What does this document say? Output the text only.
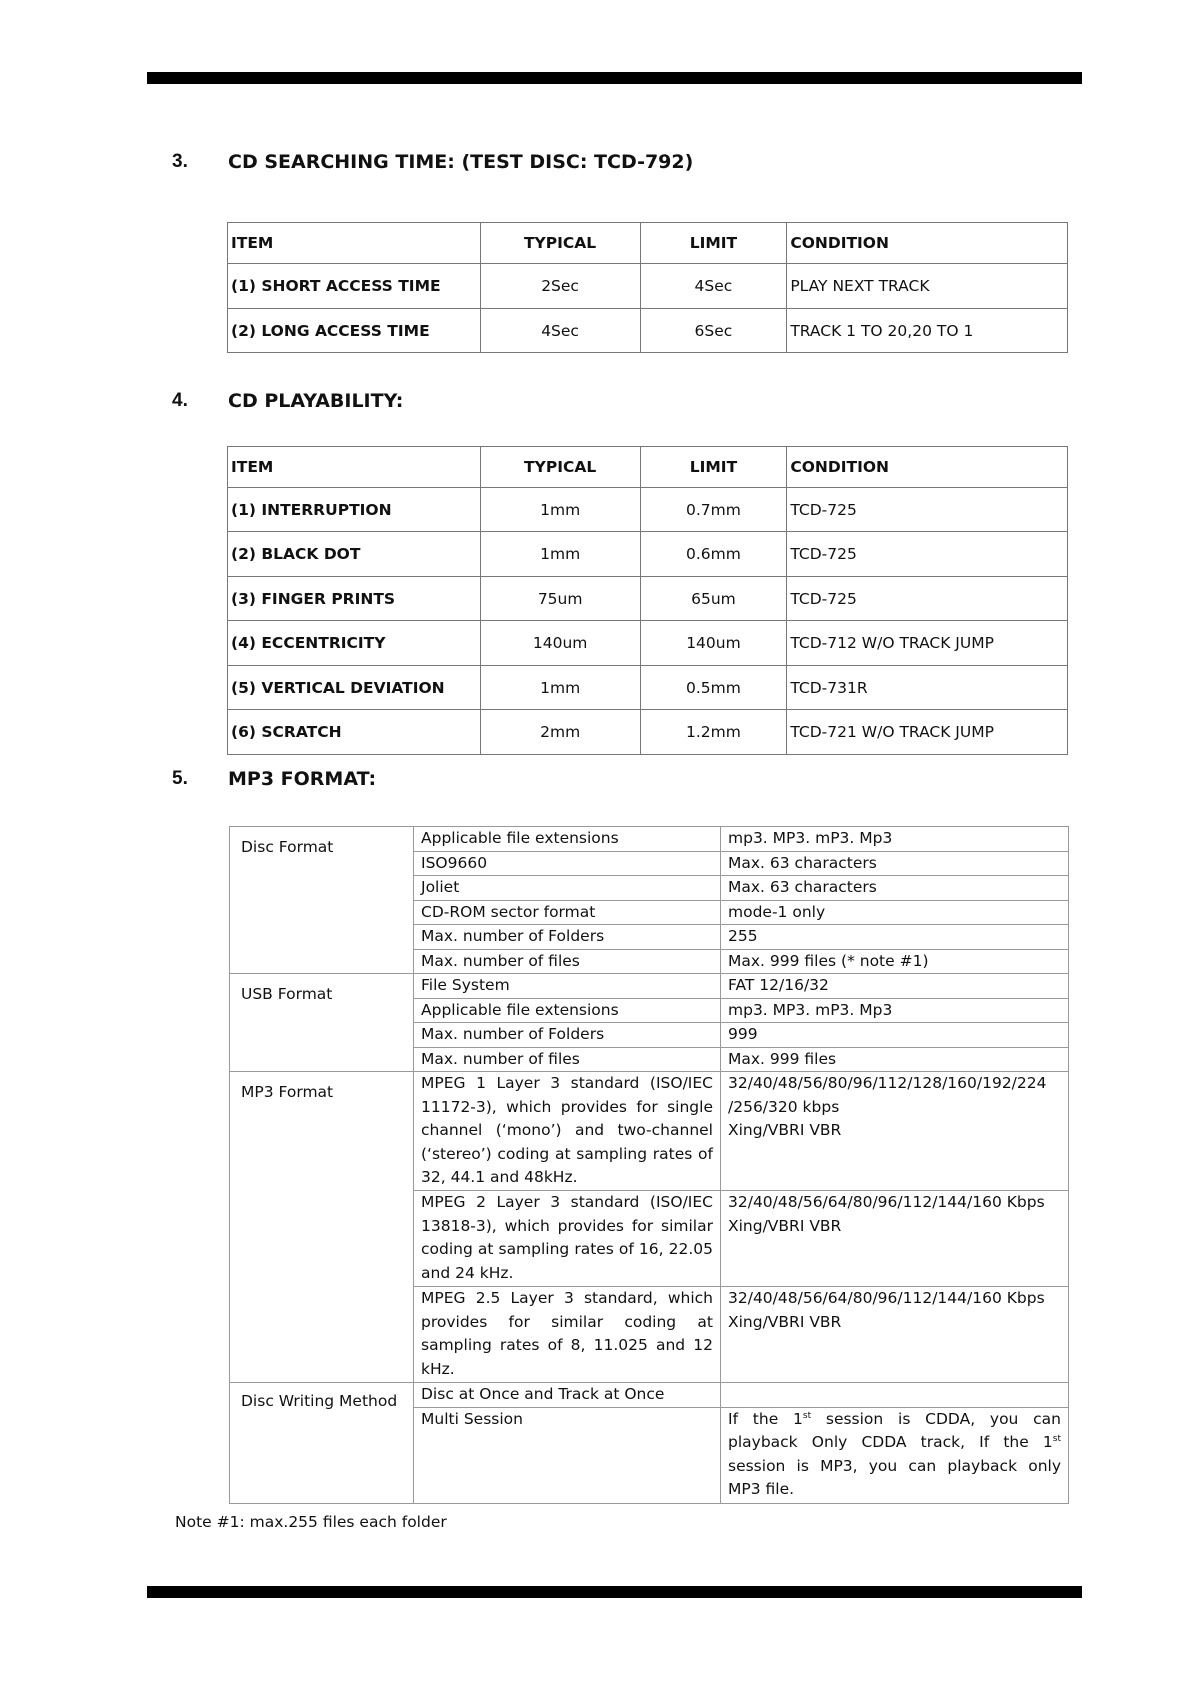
3.	CD SEARCHING TIME: (TEST DISC: TCD-792)
ITEM	TYPICAL	LIMIT	CONDITION
(1) SHORT ACCESS TIME	2Sec	4Sec	PLAY NEXT TRACK
(2) LONG ACCESS TIME	4Sec	6Sec	TRACK 1 TO 20,20 TO 1
4.	CD PLAYABILITY:
ITEM	TYPICAL	LIMIT	CONDITION
(1) INTERRUPTION	1mm	0.7mm	TCD-725
(2) BLACK DOT	1mm	0.6mm	TCD-725
(3) FINGER PRINTS	75um	65um	TCD-725
(4) ECCENTRICITY	140um	140um	TCD-712 W/O TRACK JUMP
(5) VERTICAL DEVIATION	1mm	0.5mm	TCD-731R
(6) SCRATCH	2mm	1.2mm	TCD-721 W/O TRACK JUMP
5.	MP3 FORMAT:
Disc Format	Applicable file extensions	mp3. MP3. mP3. Mp3
	ISO9660	Max. 63 characters
	Joliet	Max. 63 characters
	CD-ROM sector format	mode-1 only
	Max. number of Folders	255
	Max. number of files	Max. 999 files (* note #1)
USB Format	File System	FAT 12/16/32
	Applicable file extensions	mp3. MP3. mP3. Mp3
	Max. number of Folders	999
	Max. number of files	Max. 999 files
MP3 Format	MPEG 1 Layer 3 standard (ISO/IEC 11172-3), which provides for single channel (‘mono’) and two-channel (‘stereo’) coding at sampling rates of 32, 44.1 and 48kHz.	32/40/48/56/80/96/112/128/160/192/224 /256/320 kbps
Xing/VBRI VBR

	MPEG 2 Layer 3 standard (ISO/IEC 13818-3), which provides for similar coding at sampling rates of 16, 22.05 and 24 kHz.	32/40/48/56/64/80/96/112/144/160 Kbps
Xing/VBRI VBR

	MPEG 2.5 Layer 3 standard, which provides for similar coding at sampling rates of 8, 11.025 and 12 kHz.	32/40/48/56/64/80/96/112/144/160 Kbps
Xing/VBRI VBR

Disc Writing Method	Disc at Once and Track at Once	
	Multi Session	If the 1st session is CDDA, you can playback Only CDDA track, If the 1st session is MP3, you can playback only MP3 file.
Note #1: max.255 files each folder
